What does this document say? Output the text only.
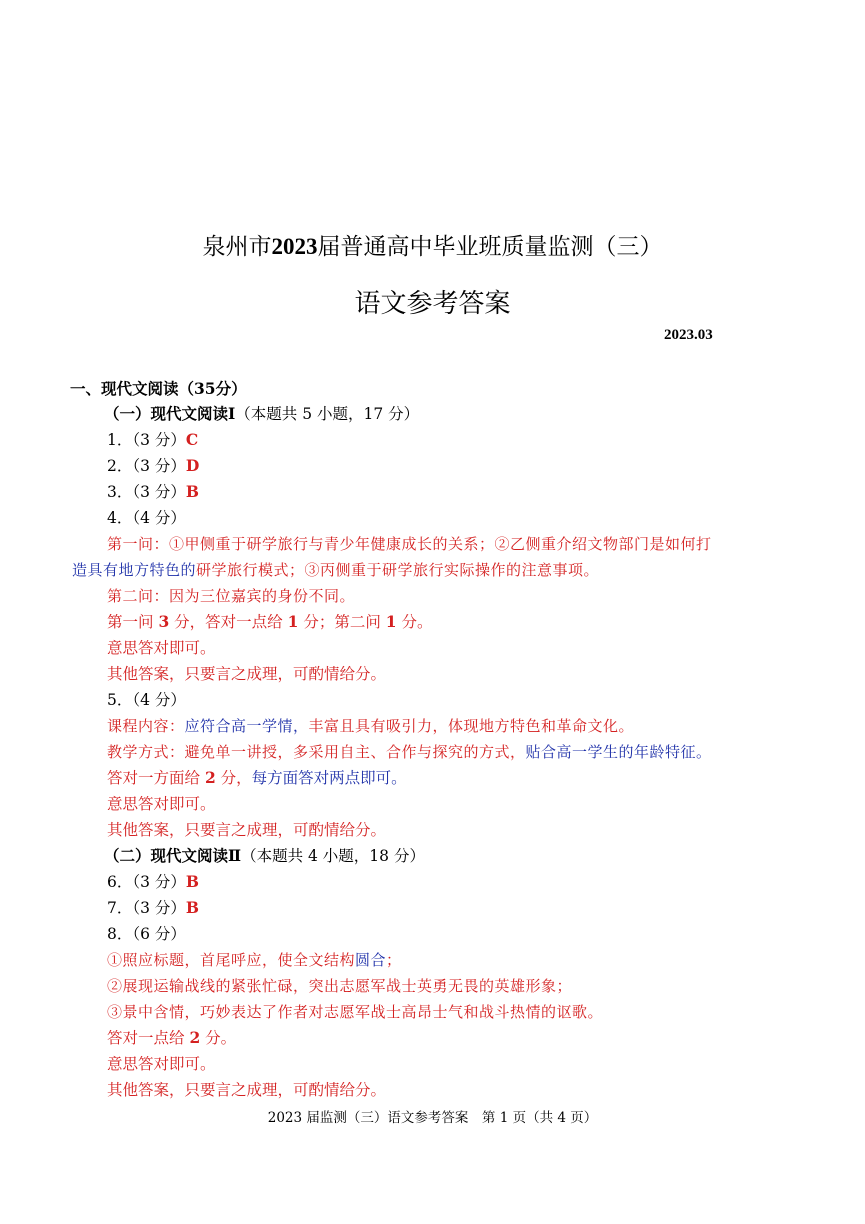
泉州市2023届普通高中毕业班质量监测（三）
语文参考答案
2023.03
一、现代文阅读（35分）
（一）现代文阅读Ⅰ（本题共 5 小题，17 分）
1．（3 分）C
2．（3 分）D
3．（3 分）B
4．（4 分）
第一问：①甲侧重于研学旅行与青少年健康成长的关系；②乙侧重介绍文物部门是如何打
造具有地方特色的研学旅行模式；③丙侧重于研学旅行实际操作的注意事项。
第二问：因为三位嘉宾的身份不同。
第一问 3 分，答对一点给 1 分；第二问 1 分。
意思答对即可。
其他答案，只要言之成理，可酌情给分。
5．（4 分）
课程内容：应符合高一学情，丰富且具有吸引力，体现地方特色和革命文化。
教学方式：避免单一讲授，多采用自主、合作与探究的方式，贴合高一学生的年龄特征。
答对一方面给 2 分，每方面答对两点即可。
意思答对即可。
其他答案，只要言之成理，可酌情给分。
（二）现代文阅读Ⅱ（本题共 4 小题，18 分）
6．（3 分）B
7．（3 分）B
8．（6 分）
①照应标题，首尾呼应，使全文结构圆合；
②展现运输战线的紧张忙碌，突出志愿军战士英勇无畏的英雄形象；
③景中含情，巧妙表达了作者对志愿军战士高昂士气和战斗热情的讴歌。
答对一点给 2 分。
意思答对即可。
其他答案，只要言之成理，可酌情给分。
2023 届监测（三）语文参考答案　第 1 页（共 4 页）
